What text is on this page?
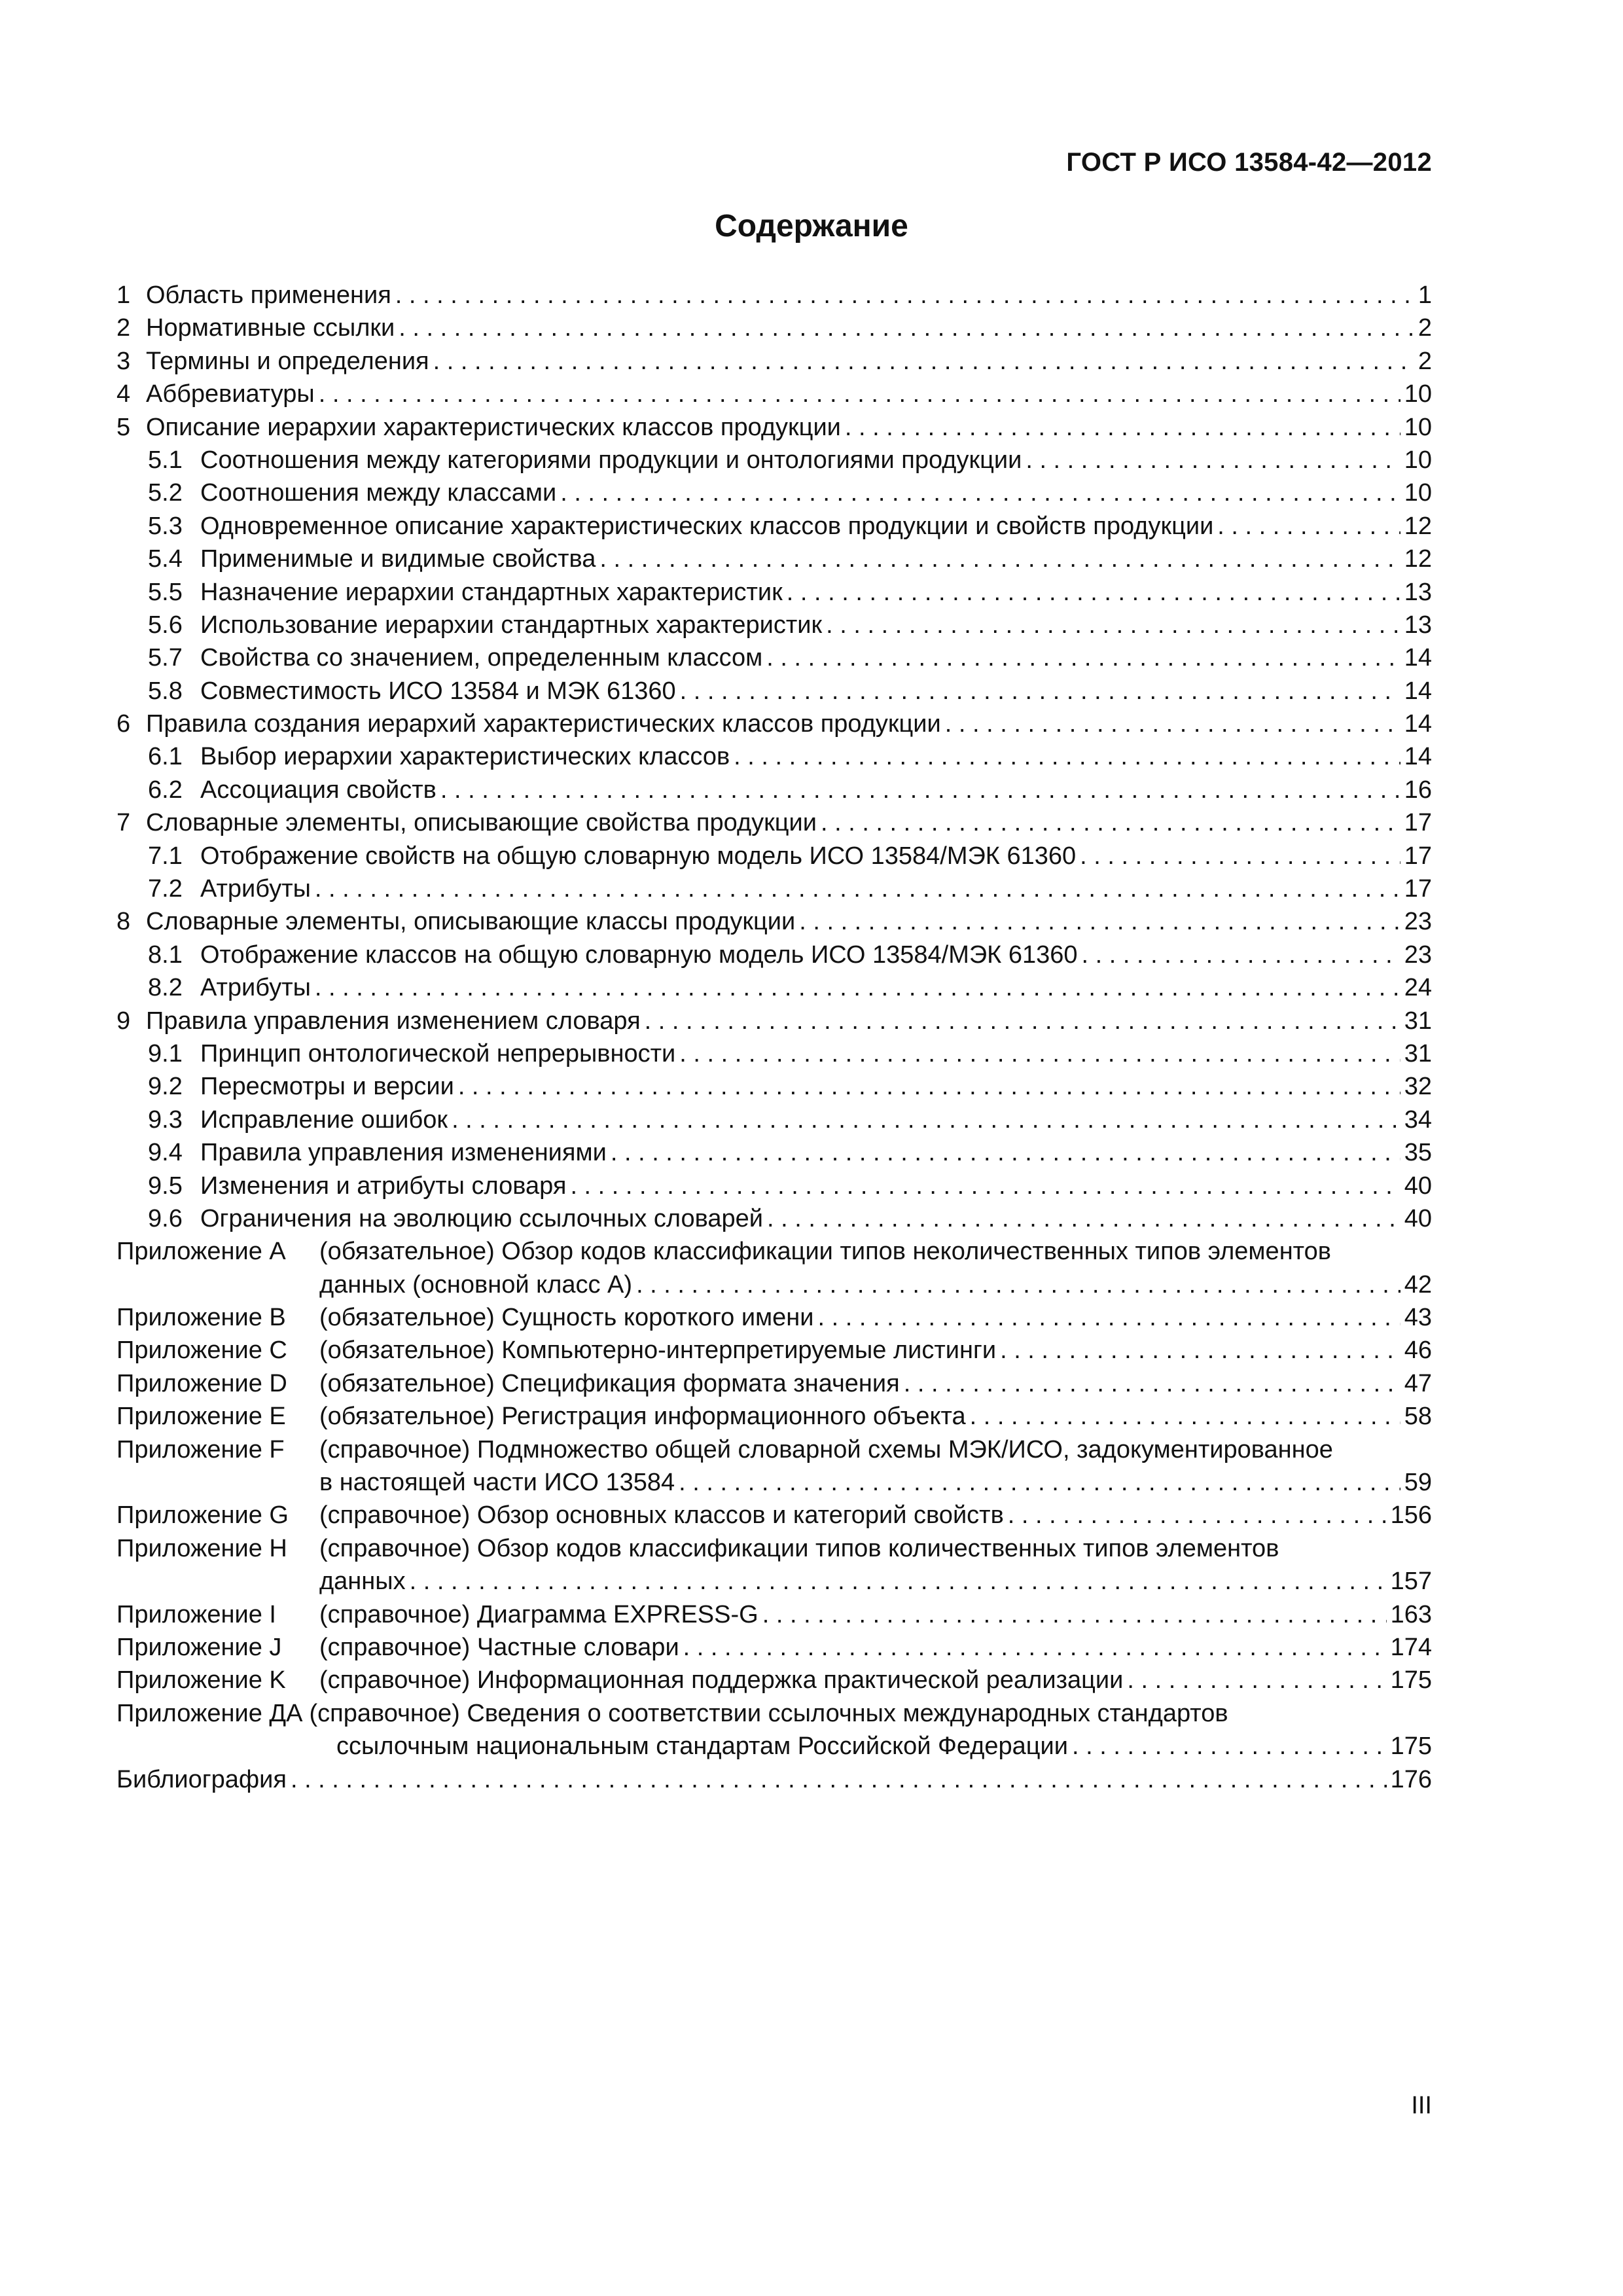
ГОСТ Р ИСО 13584-42—2012
Содержание
1 Область применения . . .	1
2 Нормативные ссылки . . .	2
3 Термины и определения . . .	2
4 Аббревиатуры . . .	10
5 Описание иерархии характеристических классов продукции . . .	10
5.1 Соотношения между категориями продукции и онтологиями продукции . . .	10
5.2 Соотношения между классами . . .	10
5.3 Одновременное описание характеристических классов продукции и свойств продукции . . .	12
5.4 Применимые и видимые свойства . . .	12
5.5 Назначение иерархии стандартных характеристик . . .	13
5.6 Использование иерархии стандартных характеристик . . .	13
5.7 Свойства со значением, определенным классом . . .	14
5.8 Совместимость ИСО 13584 и МЭК 61360 . . .	14
6 Правила создания иерархий характеристических классов продукции . . .	14
6.1 Выбор иерархии характеристических классов . . .	14
6.2 Ассоциация свойств . . .	16
7 Словарные элементы, описывающие свойства продукции . . .	17
7.1 Отображение свойств на общую словарную модель ИСО 13584/МЭК 61360 . . .	17
7.2 Атрибуты . . .	17
8 Словарные элементы, описывающие классы продукции . . .	23
8.1 Отображение классов на общую словарную модель ИСО 13584/МЭК 61360 . . .	23
8.2 Атрибуты . . .	24
9 Правила управления изменением словаря . . .	31
9.1 Принцип онтологической непрерывности . . .	31
9.2 Пересмотры и версии . . .	32
9.3 Исправление ошибок . . .	34
9.4 Правила управления изменениями . . .	35
9.5 Изменения и атрибуты словаря . . .	40
9.6 Ограничения на эволюцию ссылочных словарей . . .	40
Приложение А	(обязательное) Обзор кодов классификации типов неколичественных типов элементов
данных (основной класс А) . . .	42
Приложение В	(обязательное) Сущность короткого имени . . .	43
Приложение С	(обязательное) Компьютерно-интерпретируемые листинги . . .	46
Приложение D	(обязательное) Спецификация формата значения . . .	47
Приложение Е	(обязательное) Регистрация информационного объекта . . .	58
Приложение F	(справочное) Подмножество общей словарной схемы МЭК/ИСО, задокументированное
в настоящей части ИСО 13584 . . .	59
Приложение G	(справочное) Обзор основных классов и категорий свойств . . .	156
Приложение Н	(справочное) Обзор кодов классификации типов количественных типов элементов
данных . . .	157
Приложение I	(справочное) Диаграмма EXPRESS-G . . .	163
Приложение J	(справочное) Частные словари . . .	174
Приложение K	(справочное) Информационная поддержка практической реализации . . .	175
Приложение ДА (справочное) Сведения о соответствии ссылочных международных стандартов
ссылочным национальным стандартам Российской Федерации . . .	175
Библиография . . .	176
III
